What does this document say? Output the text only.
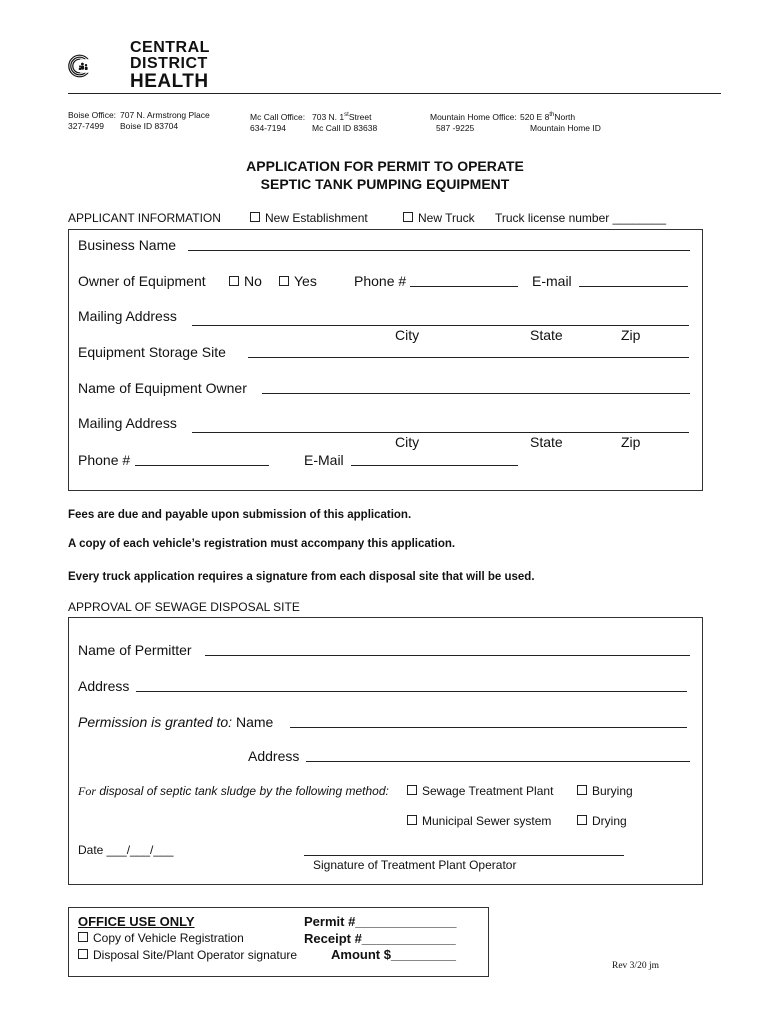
CENTRAL
DISTRICT
HEALTH
Boise Office: 707 N. Armstrong Place
327-7499 Boise ID 83704
Mc Call Office: 703 N. 1stStreet
634-7194	Mc Call ID 83638
Mountain Home Office: 520 E 8thNorth
587 -9225	Mountain Home ID
APPLICATION FOR PERMIT TO OPERATE
SEPTIC TANK PUMPING EQUIPMENT
APPLICANT INFORMATION	New Establishment	New Truck Truck license number ________
Business Name
Owner of Equipment	No	Yes	Phone #	E-mail
Mailing Address
City	State	Zip
Equipment Storage Site
Name of Equipment Owner
Mailing Address
City	State	Zip
Phone #	E-Mail
Fees are due and payable upon submission of this application.
A copy of each vehicle’s registration must accompany this application.
Every truck application requires a signature from each disposal site that will be used.
APPROVAL OF SEWAGE DISPOSAL SITE
Name of Permitter
Address
Permission is granted to: Name
Address
For disposal of septic tank sludge by the following method:	Sewage Treatment Plant	Burying
Municipal Sewer system	Drying
Date ___/___/___
Signature of Treatment Plant Operator
OFFICE USE ONLY
Copy of Vehicle Registration
Disposal Site/Plant Operator signature
Permit #______________
Receipt #_____________
Amount $_________
Rev 3/20 jm
